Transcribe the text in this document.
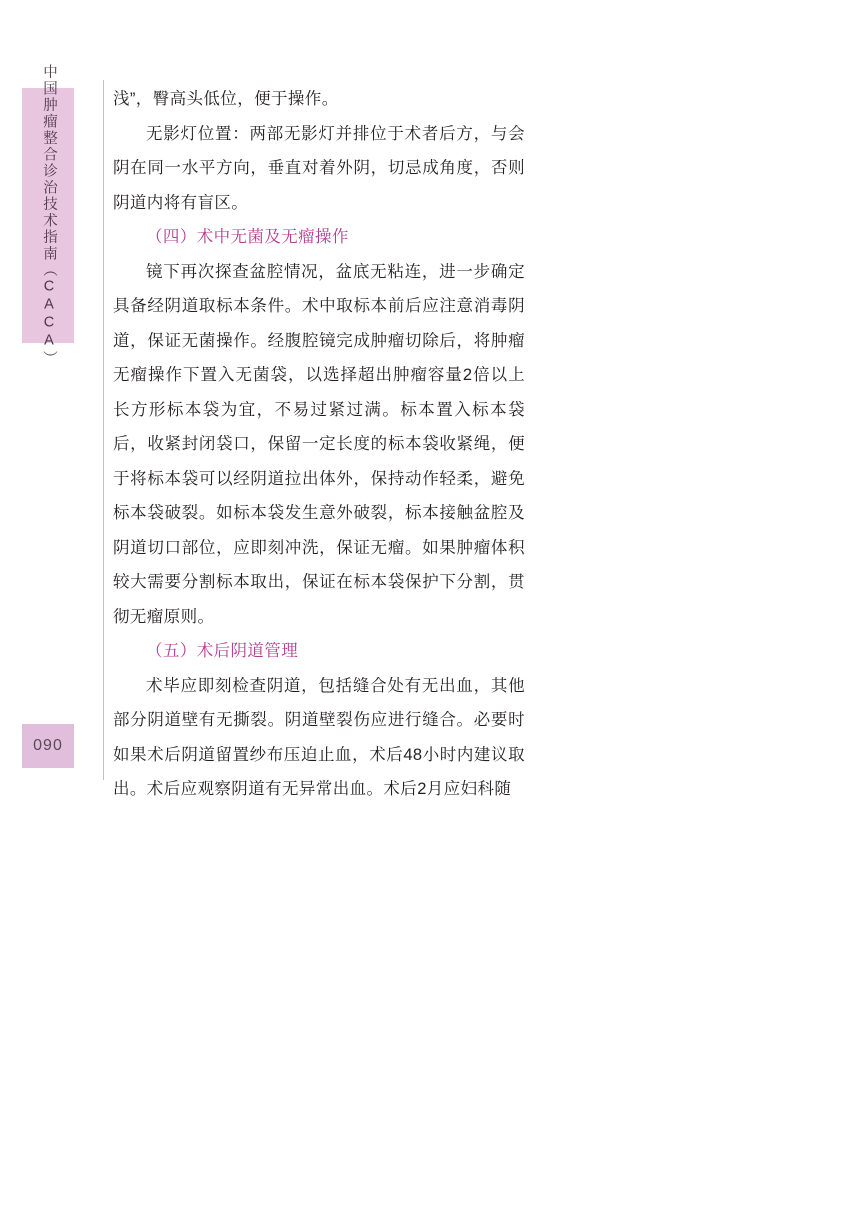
中国肿瘤整合诊治技术指南（CACA）
090

浅”，臀高头低位，便于操作。

无影灯位置：两部无影灯并排位于术者后方，与会阴在同一水平方向，垂直对着外阴，切忌成角度，否则阴道内将有盲区。

（四）术中无菌及无瘤操作

镜下再次探查盆腔情况，盆底无粘连，进一步确定具备经阴道取标本条件。术中取标本前后应注意消毒阴道，保证无菌操作。经腹腔镜完成肿瘤切除后，将肿瘤无瘤操作下置入无菌袋，以选择超出肿瘤容量2倍以上长方形标本袋为宜，不易过紧过满。标本置入标本袋后，收紧封闭袋口，保留一定长度的标本袋收紧绳，便于将标本袋可以经阴道拉出体外，保持动作轻柔，避免标本袋破裂。如标本袋发生意外破裂，标本接触盆腔及阴道切口部位，应即刻冲洗，保证无瘤。如果肿瘤体积较大需要分割标本取出，保证在标本袋保护下分割，贯彻无瘤原则。

（五）术后阴道管理

术毕应即刻检查阴道，包括缝合处有无出血，其他部分阴道壁有无撕裂。阴道壁裂伤应进行缝合。必要时如果术后阴道留置纱布压迫止血，术后48小时内建议取出。术后应观察阴道有无异常出血。术后2月应妇科随
